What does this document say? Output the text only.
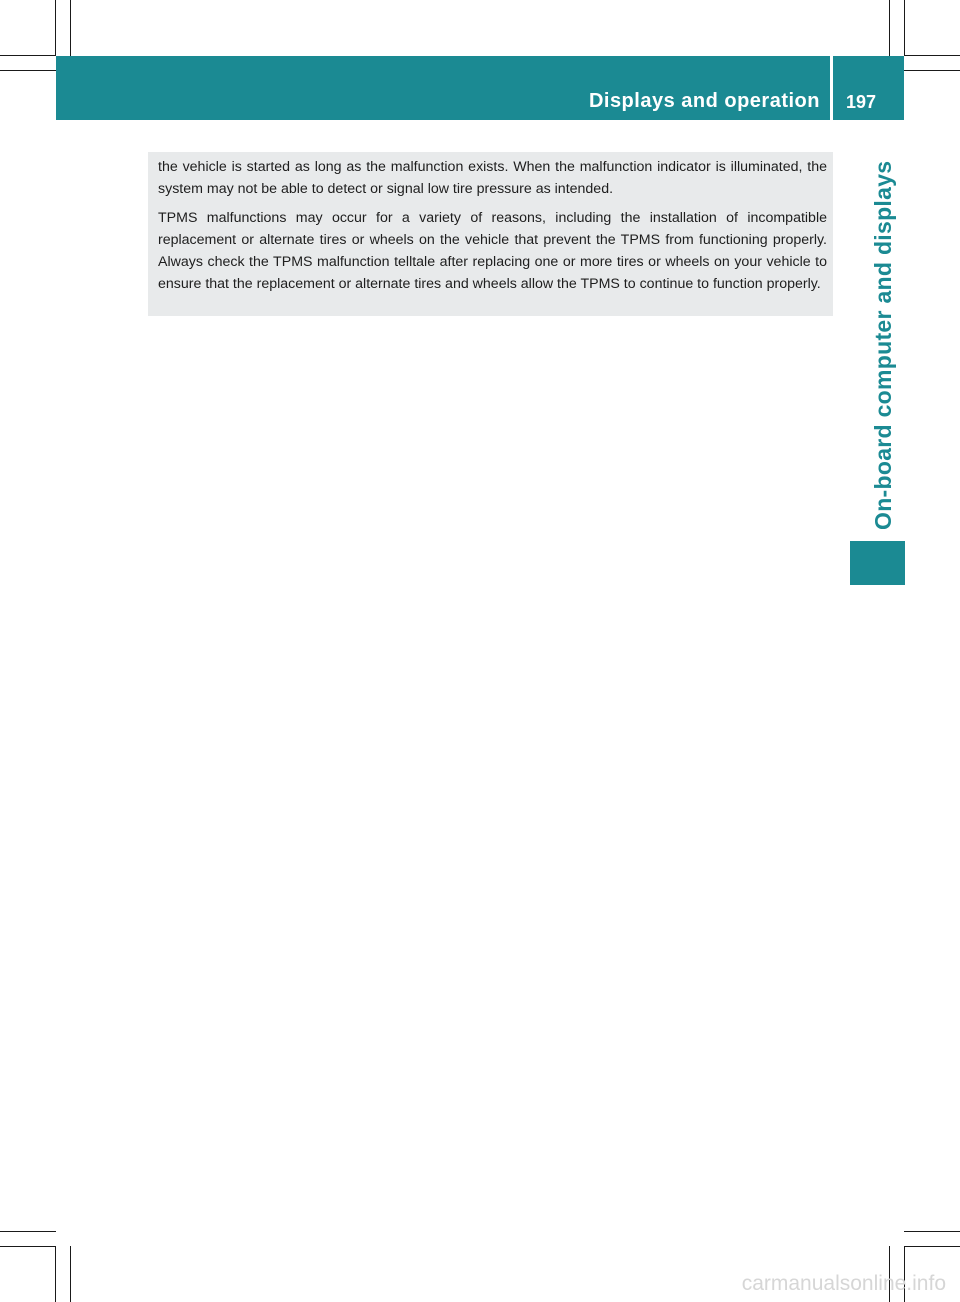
Displays and operation 197
On-board computer and displays

the vehicle is started as long as the malfunction exists. When the malfunction indicator is illuminated, the system may not be able to detect or signal low tire pressure as intended.

TPMS malfunctions may occur for a variety of reasons, including the installation of incompatible replacement or alternate tires or wheels on the vehicle that prevent the TPMS from functioning properly. Always check the TPMS malfunction telltale after replacing one or more tires or wheels on your vehicle to ensure that the replacement or alternate tires and wheels allow the TPMS to continue to function properly.

carmanualsonline.info
